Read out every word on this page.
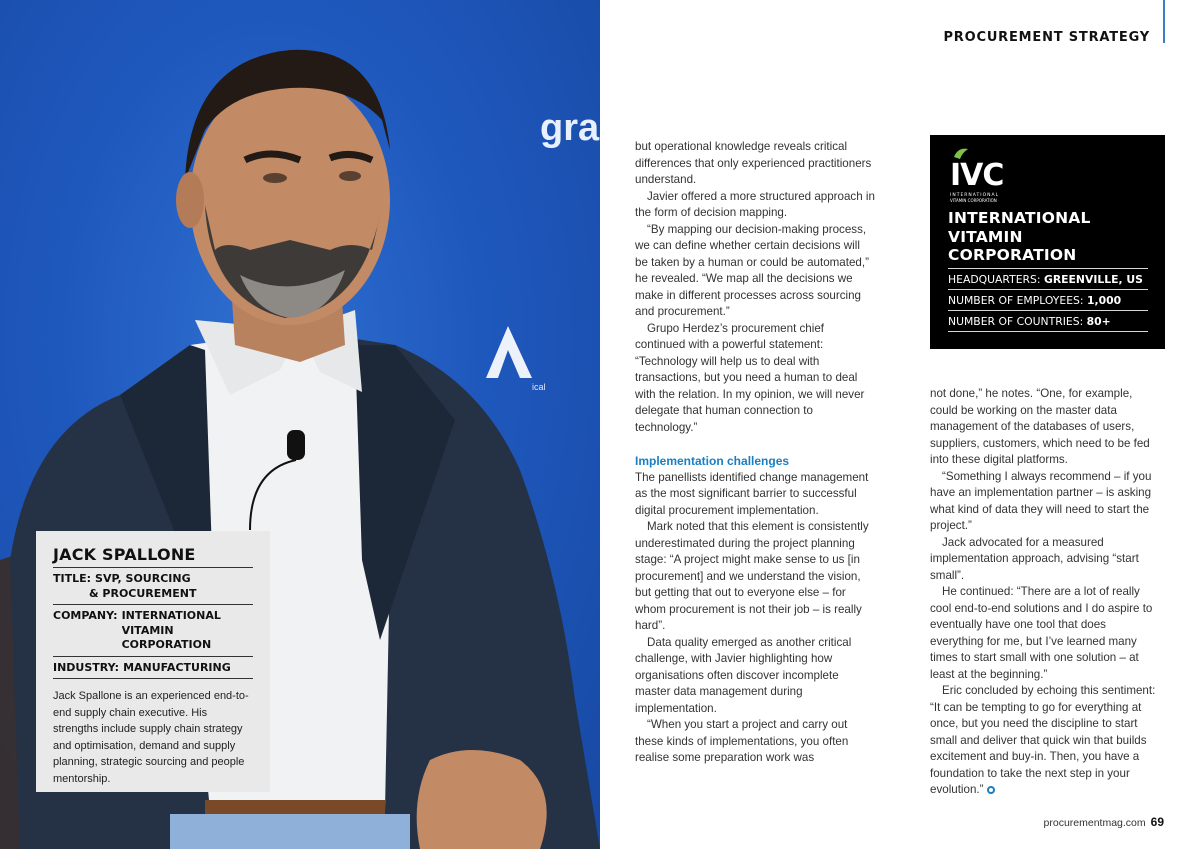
gra
ical
JACK SPALLONE
TITLE: SVP, SOURCING
& PROCUREMENT
COMPANY: INTERNATIONAL VITAMIN CORPORATION
INDUSTRY: MANUFACTURING
Jack Spallone is an experienced end-to-end supply chain executive. His strengths include supply chain strategy and optimisation, demand and supply planning, strategic sourcing and people mentorship.
PROCUREMENT STRATEGY

but operational knowledge reveals critical differences that only experienced practitioners understand.

Javier offered a more structured approach in the form of decision mapping.

“By mapping our decision-making process, we can define whether certain decisions will be taken by a human or could be automated,” he revealed. “We map all the decisions we make in different processes across sourcing and procurement.”

Grupo Herdez’s procurement chief continued with a powerful statement: “Technology will help us to deal with transactions, but you need a human to deal with the relation. In my opinion, we will never delegate that human connection to technology.”

Implementation challenges

The panellists identified change management as the most significant barrier to successful digital procurement implementation.

Mark noted that this element is consistently underestimated during the project planning stage: “A project might make sense to us [in procurement] and we understand the vision, but getting that out to everyone else – for whom procurement is not their job – is really hard”.

Data quality emerged as another critical challenge, with Javier highlighting how organisations often discover incomplete master data management during implementation.

“When you start a project and carry out these kinds of implementations, you often realise some preparation work was

IVC
INTERNATIONAL
VITAMIN CORPORATION
INTERNATIONAL VITAMIN CORPORATION
HEADQUARTERS: GREENVILLE, US
NUMBER OF EMPLOYEES: 1,000
NUMBER OF COUNTRIES: 80+

not done,” he notes. “One, for example, could be working on the master data management of the databases of users, suppliers, customers, which need to be fed into these digital platforms.

“Something I always recommend – if you have an implementation partner – is asking what kind of data they will need to start the project.”

Jack advocated for a measured implementation approach, advising “start small”.

He continued: “There are a lot of really cool end-to-end solutions and I do aspire to eventually have one tool that does everything for me, but I’ve learned many times to start small with one solution – at least at the beginning.”

Eric concluded by echoing this sentiment: “It can be tempting to go for everything at once, but you need the discipline to start small and deliver that quick win that builds excitement and buy-in. Then, you have a foundation to take the next step in your evolution.”

procurementmag.com 69
